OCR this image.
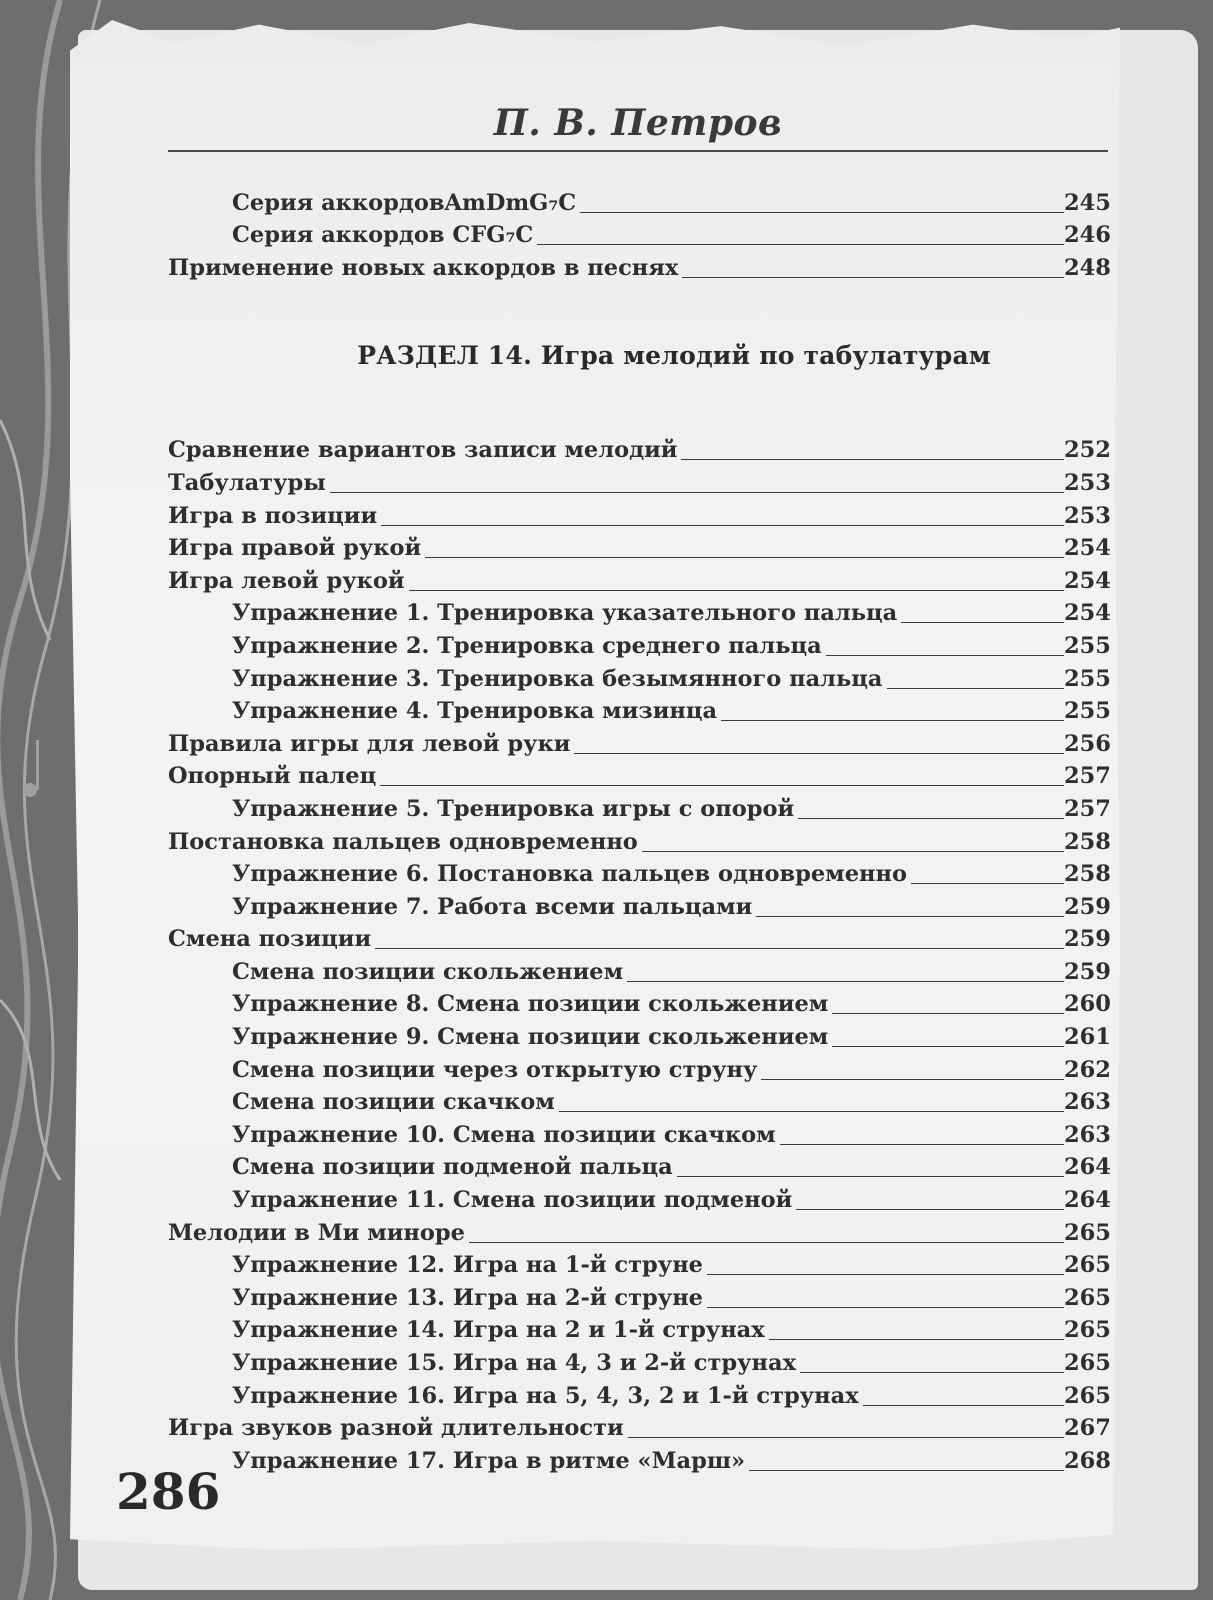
П. В. Петров
Серия аккордовAmDmG₇C	245
Серия аккордов CFG₇C	246
Применение новых аккордов в песнях	248
РАЗДЕЛ 14. Игра мелодий по табулатурам
Сравнение вариантов записи мелодий	252
Табулатуры	253
Игра в позиции	253
Игра правой рукой	254
Игра левой рукой	254
Упражнение 1. Тренировка указательного пальца	254
Упражнение 2. Тренировка среднего пальца	255
Упражнение 3. Тренировка безымянного пальца	255
Упражнение 4. Тренировка мизинца	255
Правила игры для левой руки	256
Опорный палец	257
Упражнение 5. Тренировка игры с опорой	257
Постановка пальцев одновременно	258
Упражнение 6. Постановка пальцев одновременно	258
Упражнение 7. Работа всеми пальцами	259
Смена позиции	259
Смена позиции скольжением	259
Упражнение 8. Смена позиции скольжением	260
Упражнение 9. Смена позиции скольжением	261
Смена позиции через открытую струну	262
Смена позиции скачком	263
Упражнение 10. Смена позиции скачком	263
Смена позиции подменой пальца	264
Упражнение 11. Смена позиции подменой	264
Мелодии в Ми миноре	265
Упражнение 12. Игра на 1-й струне	265
Упражнение 13. Игра на 2-й струне	265
Упражнение 14. Игра на 2 и 1-й струнах	265
Упражнение 15. Игра на 4, 3 и 2-й струнах	265
Упражнение 16. Игра на 5, 4, 3, 2 и 1-й струнах	265
Игра звуков разной длительности	267
Упражнение 17. Игра в ритме «Марш»	268
286
